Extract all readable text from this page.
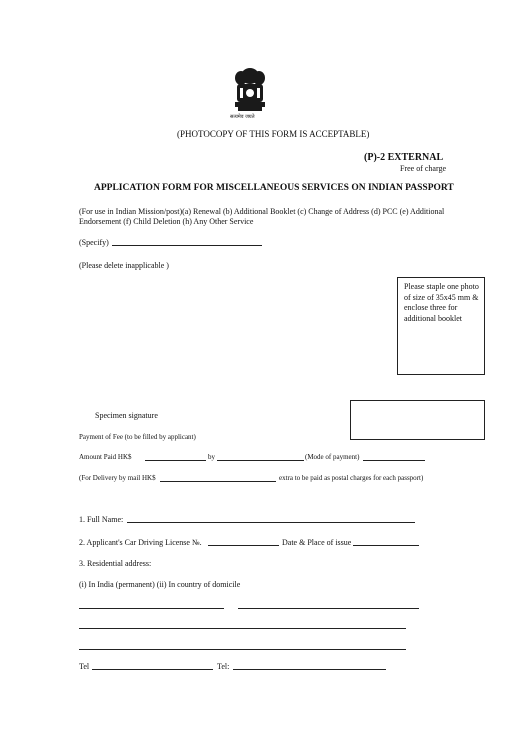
सत्यमेव जयते
(PHOTOCOPY OF THIS FORM IS ACCEPTABLE)
(P)-2 EXTERNAL
Free of charge
APPLICATION FORM FOR MISCELLANEOUS SERVICES ON INDIAN PASSPORT
(For use in Indian Mission/post)(a) Renewal (b) Additional Booklet (c) Change of Address (d) PCC (e) Additional
Endorsement (f) Child Deletion (h) Any Other Service
(Specify)
(Please delete inapplicable )
Please staple one photo of size of 35x45 mm & enclose three for additional booklet
Specimen signature
Payment of Fee (to be filled by applicant)
Amount Paid HK$	by	(Mode of payment)
(For Delivery by mail HK$	extra to be paid as postal charges for each passport)
1. Full Name:
2. Applicant's Car Driving License №.	Date & Place of issue
3. Residential address:
(i) In India (permanent) (ii) In country of domicile
Tel	Tel:
